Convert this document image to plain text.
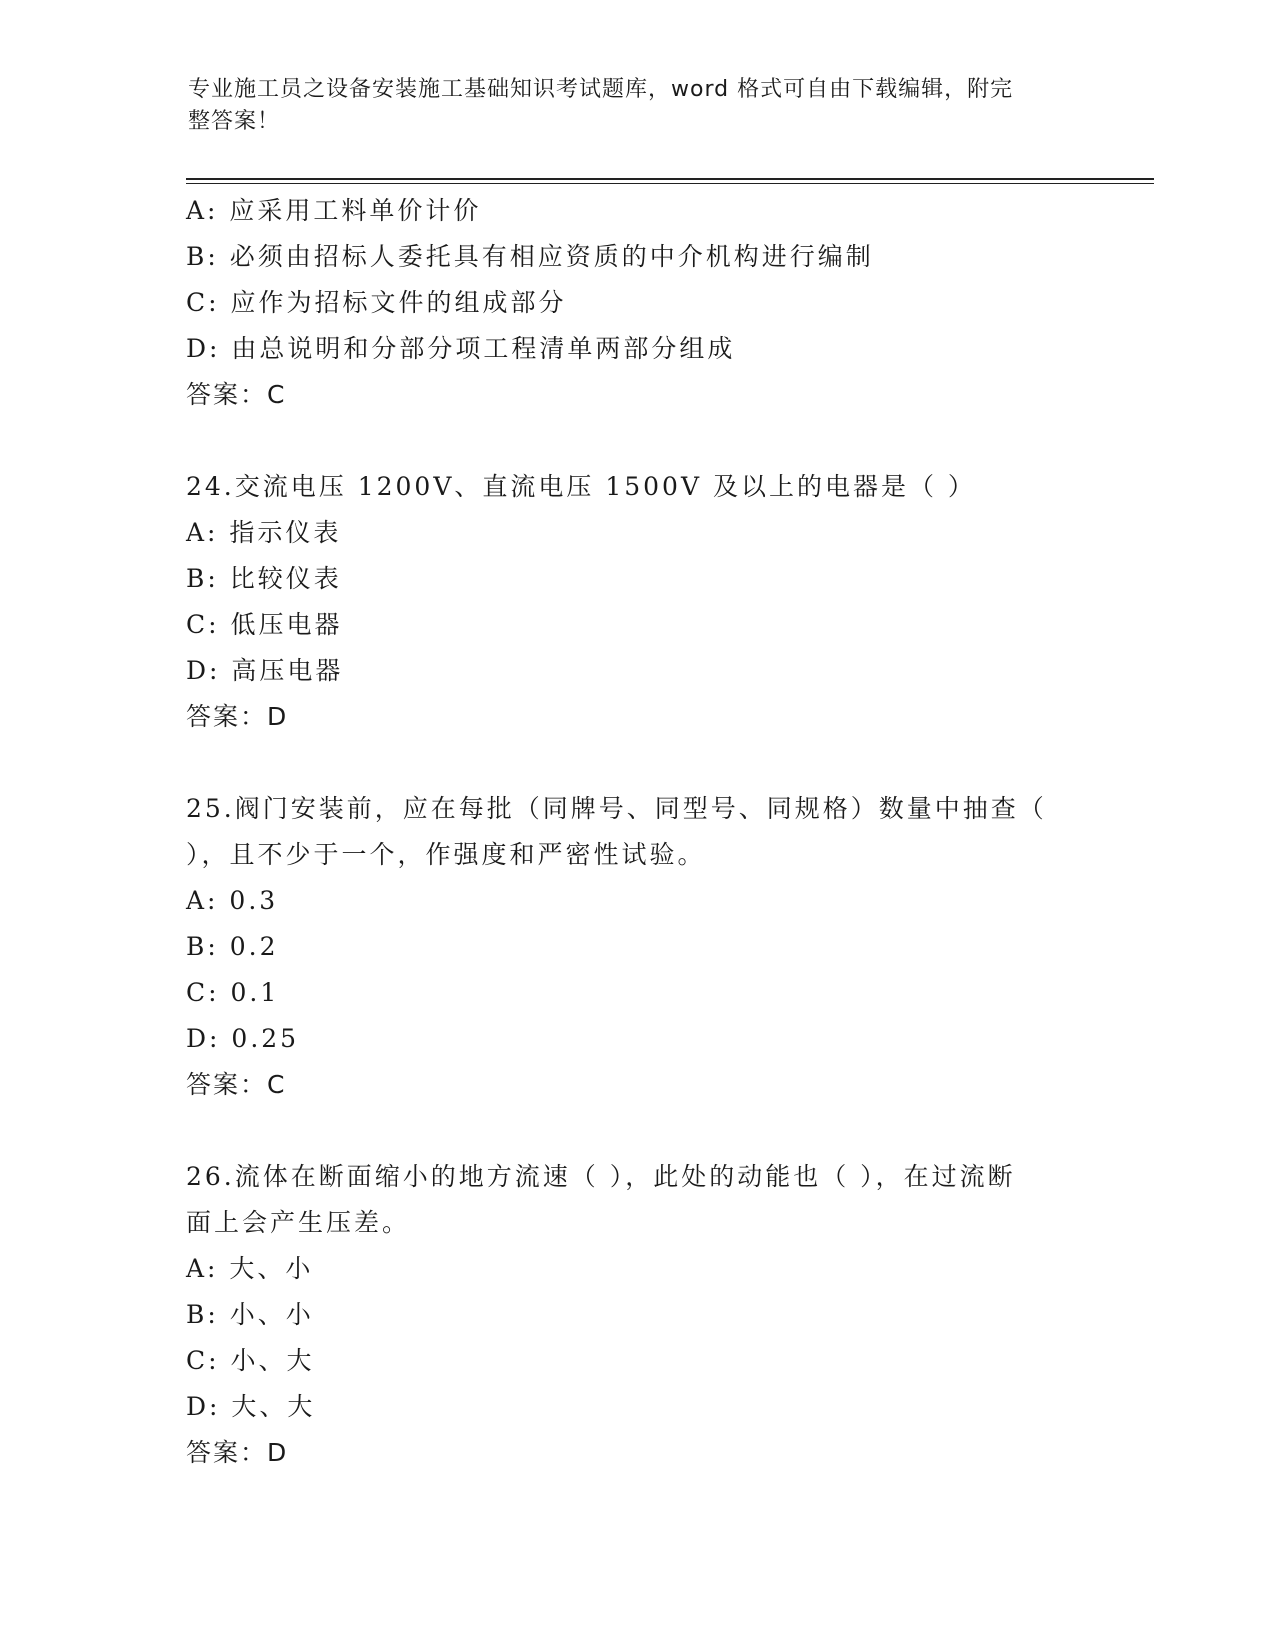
专业施工员之设备安装施工基础知识考试题库，word 格式可自由下载编辑，附完
整答案！
A: 应采用工料单价计价
B: 必须由招标人委托具有相应资质的中介机构进行编制
C: 应作为招标文件的组成部分
D: 由总说明和分部分项工程清单两部分组成
答案：C
24.交流电压 1200V、直流电压 1500V 及以上的电器是（ ）
A: 指示仪表
B: 比较仪表
C: 低压电器
D: 高压电器
答案：D
25.阀门安装前，应在每批（同牌号、同型号、同规格）数量中抽查（
），且不少于一个，作强度和严密性试验。
A: 0.3
B: 0.2
C: 0.1
D: 0.25
答案：C
26.流体在断面缩小的地方流速（ ），此处的动能也（ ），在过流断
面上会产生压差。
A: 大、小
B: 小、小
C: 小、大
D: 大、大
答案：D
